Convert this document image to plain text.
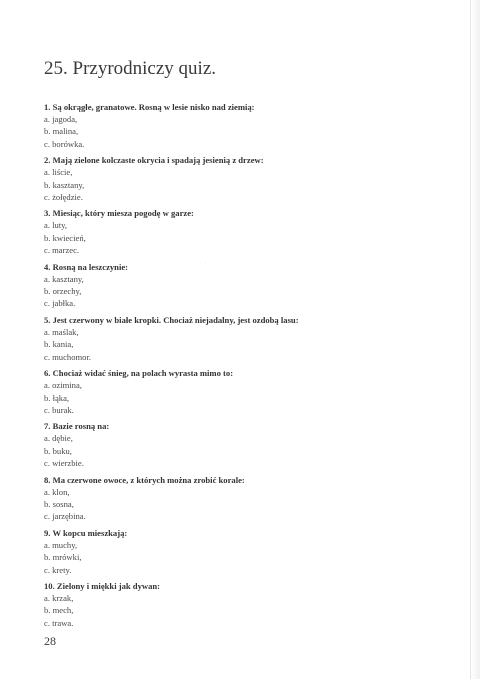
25. Przyrodniczy quiz.
1. Są okrągłe, granatowe. Rosną w lesie nisko nad ziemią:
a. jagoda,
b. malina,
c. borówka.
2. Mają zielone kolczaste okrycia i spadają jesienią z drzew:
a. liście,
b. kasztany,
c. żołędzie.
3. Miesiąc, który miesza pogodę w garze:
a. luty,
b. kwiecień,
c. marzec.
4. Rosną na leszczynie:
a. kasztany,
b. orzechy,
c. jabłka.
5. Jest czerwony w białe kropki. Chociaż niejadalny, jest ozdobą lasu:
a. maślak,
b. kania,
c. muchomor.
6. Chociaż widać śnieg, na polach wyrasta mimo to:
a. ozimina,
b. łąka,
c. burak.
7. Bazie rosną na:
a. dębie,
b. buku,
c. wierzbie.
8. Ma czerwone owoce, z których można zrobić korale:
a. klon,
b. sosna,
c. jarzębina.
9. W kopcu mieszkają:
a. muchy,
b. mrówki,
c. krety.
10. Zielony i miękki jak dywan:
a. krzak,
b. mech,
c. trawa.
'
28
